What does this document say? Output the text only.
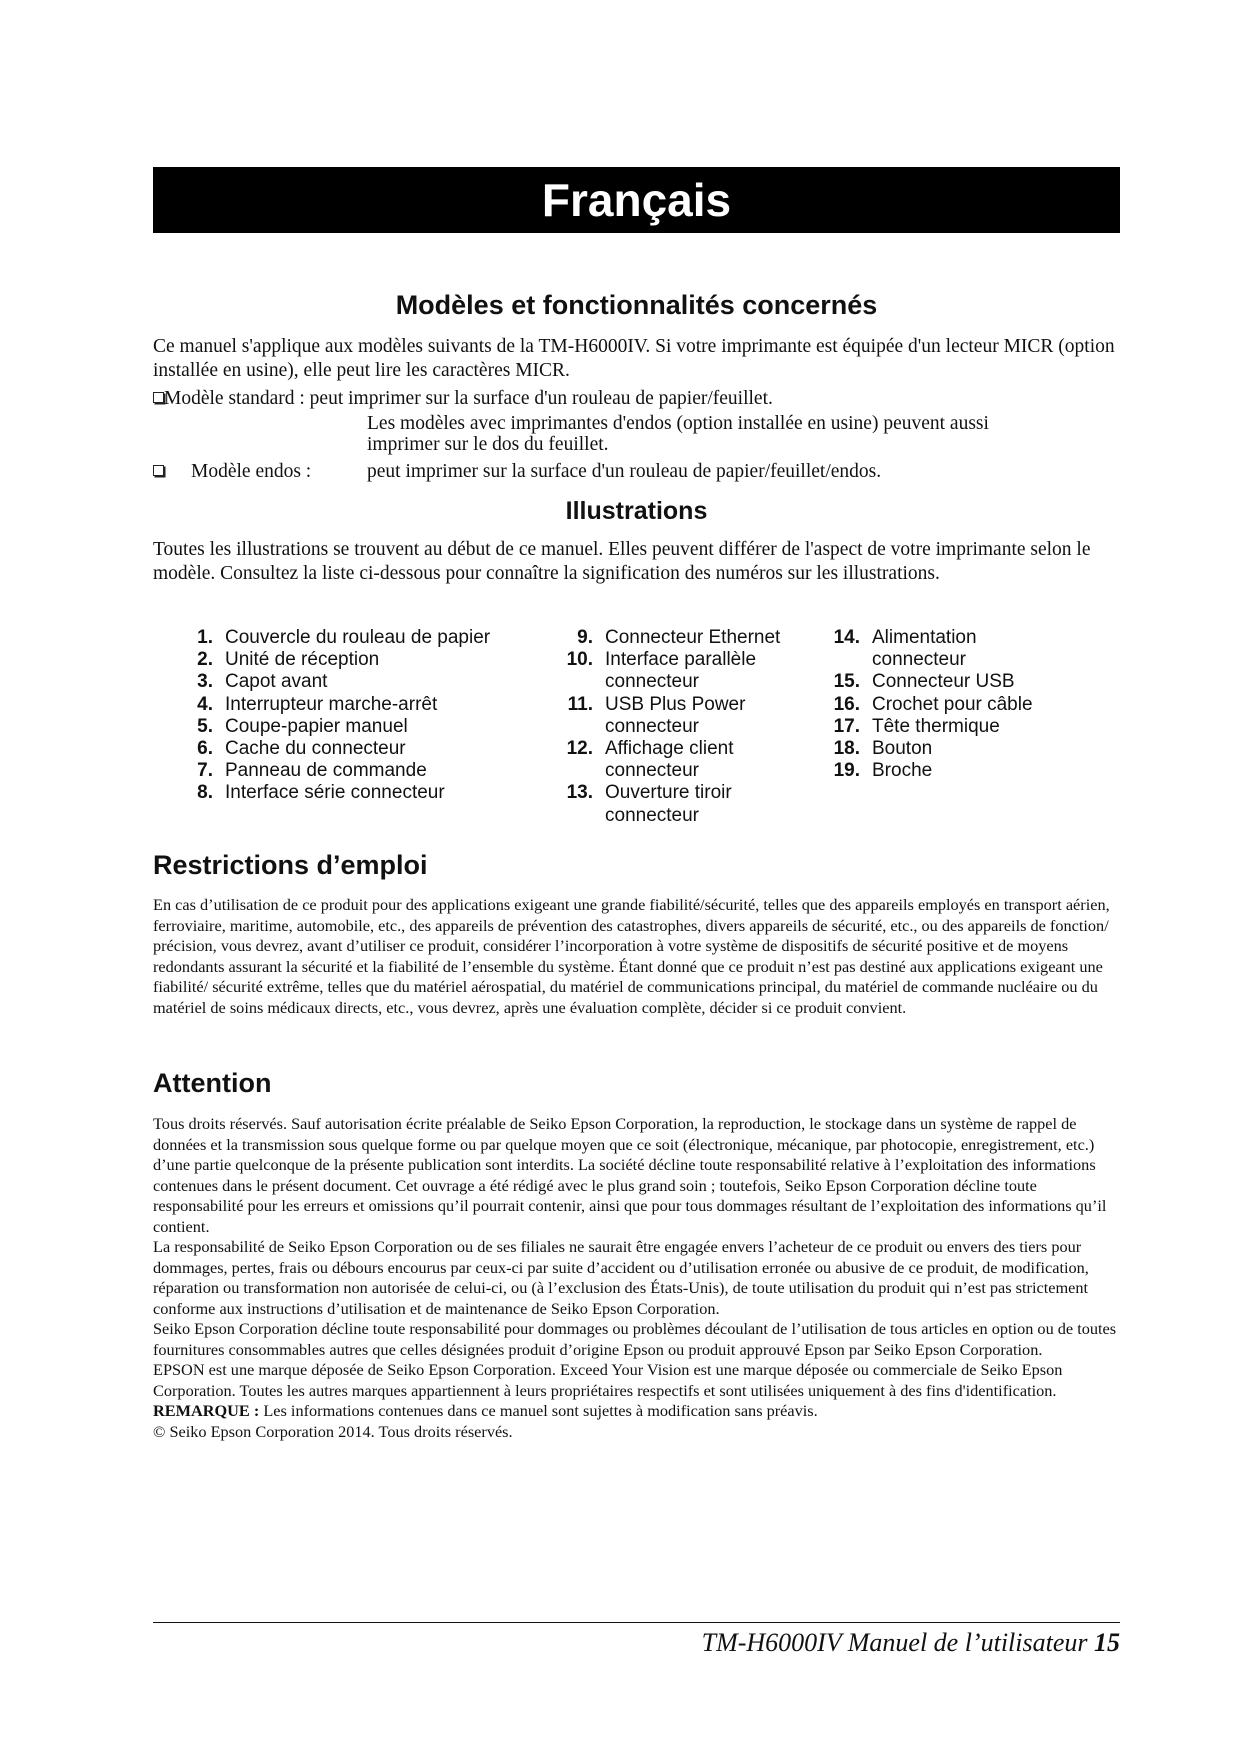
Français
Modèles et fonctionnalités concernés

Ce manuel s'applique aux modèles suivants de la TM-H6000IV. Si votre imprimante est équipée d'un lecteur MICR (option installée en usine), elle peut lire les caractères MICR.

Modèle standard : peut imprimer sur la surface d'un rouleau de papier/feuillet.
Les modèles avec imprimantes d'endos (option installée en usine) peuvent aussi
imprimer sur le dos du feuillet.
Modèle endos :	peut imprimer sur la surface d'un rouleau de papier/feuillet/endos.
Illustrations

Toutes les illustrations se trouvent au début de ce manuel. Elles peuvent différer de l'aspect de votre imprimante selon le modèle. Consultez la liste ci-dessous pour connaître la signification des numéros sur les illustrations.

1. Couvercle du rouleau de papier
2. Unité de réception
3. Capot avant
4. Interrupteur marche-arrêt
5. Coupe-papier manuel
6. Cache du connecteur
7. Panneau de commande
8. Interface série connecteur
9. Connecteur Ethernet
10. Interface parallèle connecteur
11. USB Plus Power connecteur
12. Affichage client connecteur
13. Ouverture tiroir connecteur
14. Alimentation connecteur
15. Connecteur USB
16. Crochet pour câble
17. Tête thermique
18. Bouton
19. Broche
Restrictions d’emploi

En cas d’utilisation de ce produit pour des applications exigeant une grande fiabilité/sécurité, telles que des appareils employés en transport aérien, ferroviaire, maritime, automobile, etc., des appareils de prévention des catastrophes, divers appareils de sécurité, etc., ou des appareils de fonction/ précision, vous devrez, avant d’utiliser ce produit, considérer l’incorporation à votre système de dispositifs de sécurité positive et de moyens redondants assurant la sécurité et la fiabilité de l’ensemble du système. Étant donné que ce produit n’est pas destiné aux applications exigeant une fiabilité/ sécurité extrême, telles que du matériel aérospatial, du matériel de communications principal, du matériel de commande nucléaire ou du matériel de soins médicaux directs, etc., vous devrez, après une évaluation complète, décider si ce produit convient.

Attention

Tous droits réservés. Sauf autorisation écrite préalable de Seiko Epson Corporation, la reproduction, le stockage dans un système de rappel de données et la transmission sous quelque forme ou par quelque moyen que ce soit (électronique, mécanique, par photocopie, enregistrement, etc.) d’une partie quelconque de la présente publication sont interdits. La société décline toute responsabilité relative à l’exploitation des informations contenues dans le présent document. Cet ouvrage a été rédigé avec le plus grand soin ; toutefois, Seiko Epson Corporation décline toute responsabilité pour les erreurs et omissions qu’il pourrait contenir, ainsi que pour tous dommages résultant de l’exploitation des informations qu’il contient.

La responsabilité de Seiko Epson Corporation ou de ses filiales ne saurait être engagée envers l’acheteur de ce produit ou envers des tiers pour dommages, pertes, frais ou débours encourus par ceux-ci par suite d’accident ou d’utilisation erronée ou abusive de ce produit, de modification, réparation ou transformation non autorisée de celui-ci, ou (à l’exclusion des États-Unis), de toute utilisation du produit qui n’est pas strictement conforme aux instructions d’utilisation et de maintenance de Seiko Epson Corporation.

Seiko Epson Corporation décline toute responsabilité pour dommages ou problèmes découlant de l’utilisation de tous articles en option ou de toutes fournitures consommables autres que celles désignées produit d’origine Epson ou produit approuvé Epson par Seiko Epson Corporation.

EPSON est une marque déposée de Seiko Epson Corporation. Exceed Your Vision est une marque déposée ou commerciale de Seiko Epson Corporation. Toutes les autres marques appartiennent à leurs propriétaires respectifs et sont utilisées uniquement à des fins d'identification.

REMARQUE : Les informations contenues dans ce manuel sont sujettes à modification sans préavis.

© Seiko Epson Corporation 2014. Tous droits réservés.

TM-H6000IV Manuel de l’utilisateur 15
